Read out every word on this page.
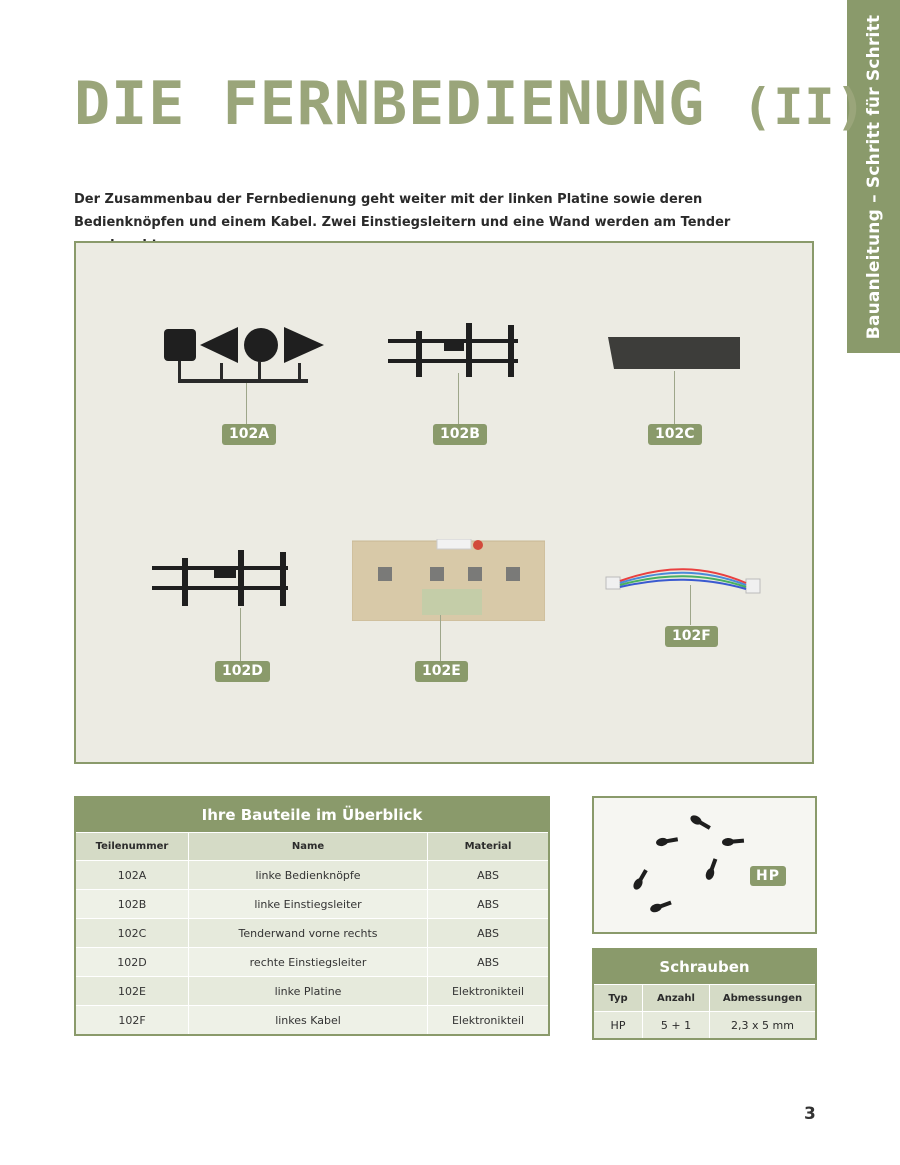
Bauanleitung – Schritt für Schritt
DIE FERNBEDIENUNG (II)

Der Zusammenbau der Fernbedienung geht weiter mit der linken Platine sowie deren Bedienknöpfen und einem Kabel. Zwei Einstiegsleitern und eine Wand werden am Tender

102A	102B	102C
102D	102E
102F
Ihre Bauteile im Überblick		
Teilenummer	Name	Material
102A	linke Bedienknöpfe	ABS
102B	linke Einstiegsleiter	ABS
102C	Tenderwand vorne rechts	ABS
102D	rechte Einstiegsleiter	ABS
102E	linke Platine	Elektronikteil
102F	linkes Kabel	Elektronikteil
HP
Schrauben		
Typ	Anzahl	Abmessungen
HP	5 + 1	2,3 x 5 mm
3
